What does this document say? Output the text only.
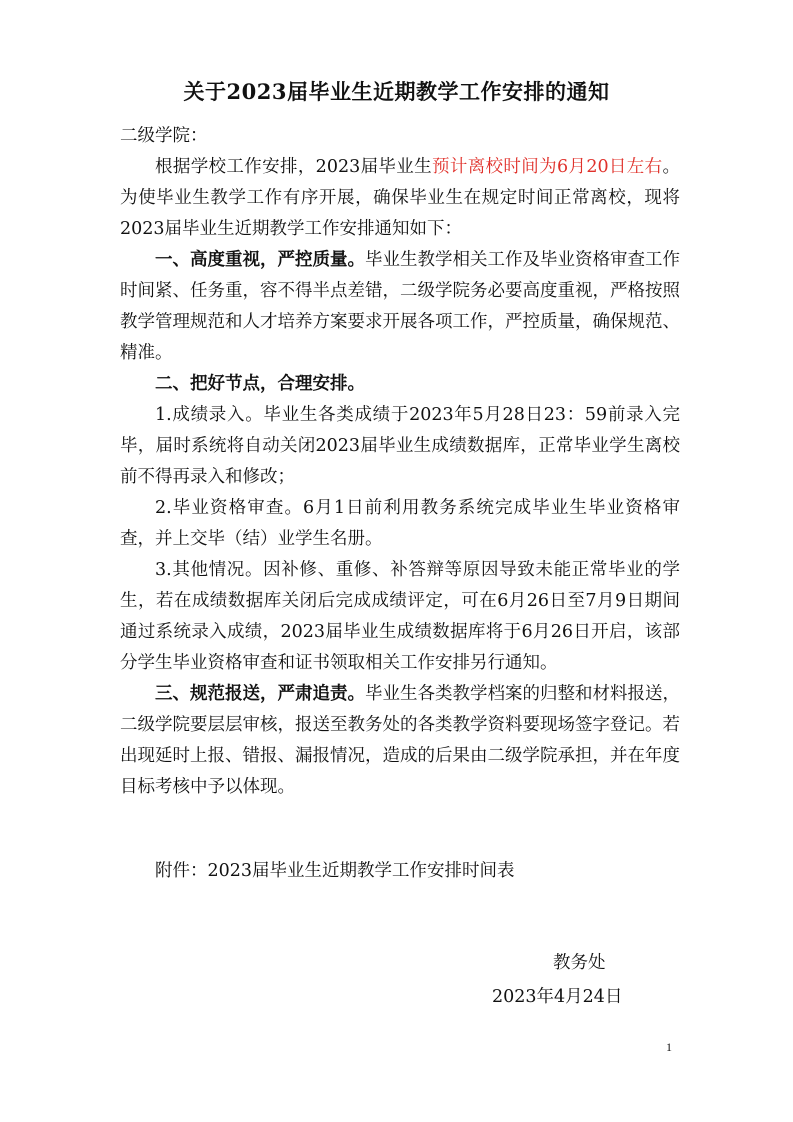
关于2023届毕业生近期教学工作安排的通知
二级学院：

根据学校工作安排，2023届毕业生预计离校时间为6月20日左右。为使毕业生教学工作有序开展，确保毕业生在规定时间正常离校，现将2023届毕业生近期教学工作安排通知如下：

一、高度重视，严控质量。毕业生教学相关工作及毕业资格审查工作时间紧、任务重，容不得半点差错，二级学院务必要高度重视，严格按照教学管理规范和人才培养方案要求开展各项工作，严控质量，确保规范、精准。

二、把好节点，合理安排。

1.成绩录入。毕业生各类成绩于2023年5月28日23：59前录入完毕，届时系统将自动关闭2023届毕业生成绩数据库，正常毕业学生离校前不得再录入和修改；

2.毕业资格审查。6月1日前利用教务系统完成毕业生毕业资格审查，并上交毕（结）业学生名册。

3.其他情况。因补修、重修、补答辩等原因导致未能正常毕业的学生，若在成绩数据库关闭后完成成绩评定，可在6月26日至7月9日期间通过系统录入成绩，2023届毕业生成绩数据库将于6月26日开启，该部分学生毕业资格审查和证书领取相关工作安排另行通知。

三、规范报送，严肃追责。毕业生各类教学档案的归整和材料报送，二级学院要层层审核，报送至教务处的各类教学资料要现场签字登记。若出现延时上报、错报、漏报情况，造成的后果由二级学院承担，并在年度目标考核中予以体现。

附件：2023届毕业生近期教学工作安排时间表
教务处
2023年4月24日
1
